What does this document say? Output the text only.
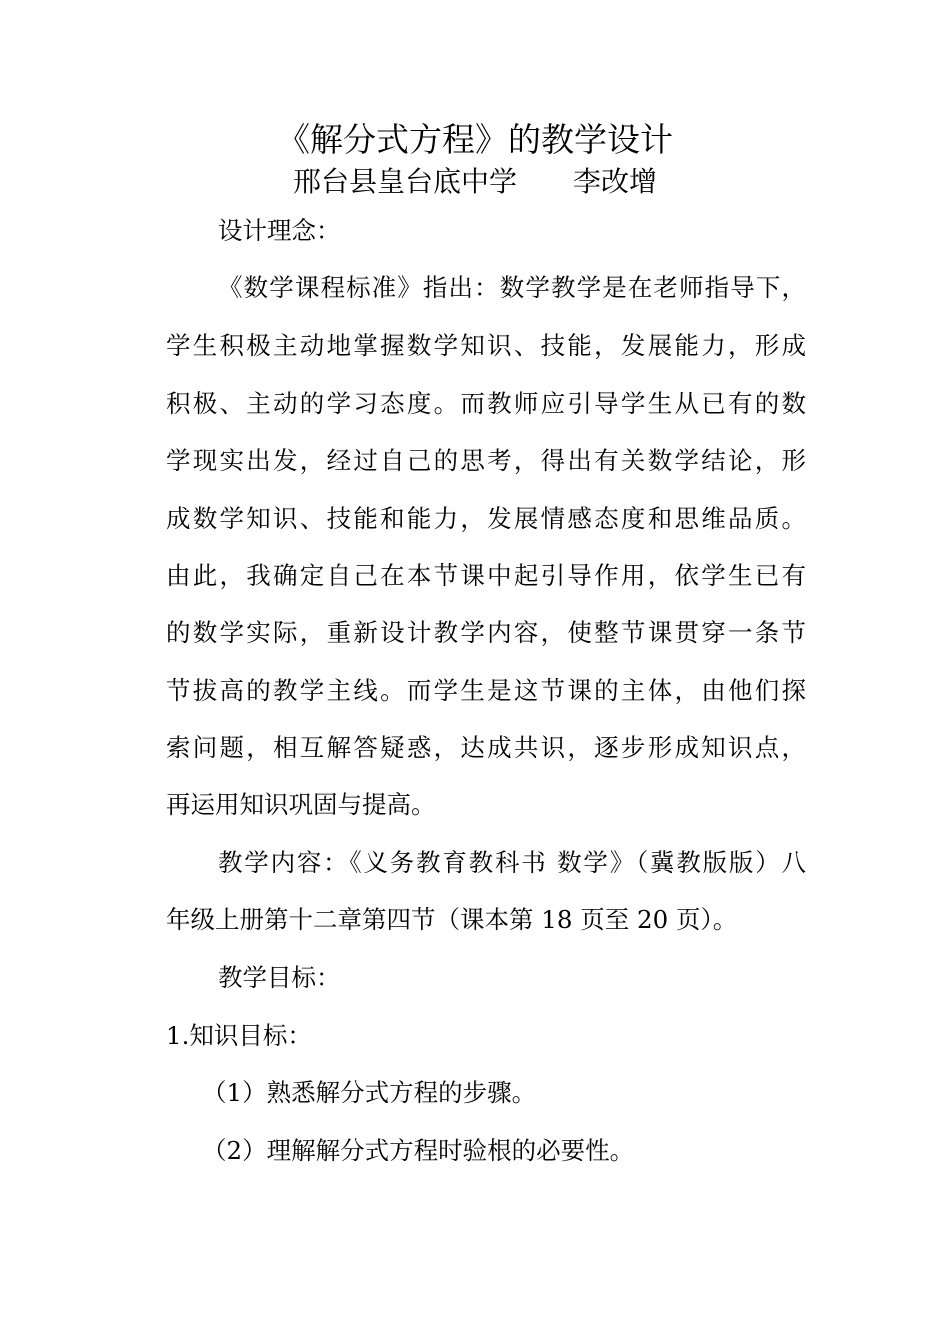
《解分式方程》的教学设计
邢台县皇台底中学　　李改增
设计理念：
《数学课程标准》指出：数学教学是在老师指导下，
学生积极主动地掌握数学知识、技能，发展能力，形成
积极、主动的学习态度。而教师应引导学生从已有的数
学现实出发，经过自己的思考，得出有关数学结论，形
成数学知识、技能和能力，发展情感态度和思维品质。
由此，我确定自己在本节课中起引导作用，依学生已有
的数学实际，重新设计教学内容，使整节课贯穿一条节
节拔高的教学主线。而学生是这节课的主体，由他们探
索问题，相互解答疑惑，达成共识，逐步形成知识点，
再运用知识巩固与提高。
教学内容：《义务教育教科书 数学》（冀教版版）八
年级上册第十二章第四节（课本第 18 页至 20 页）。
教学目标：
1.知识目标：
（1）熟悉解分式方程的步骤。
（2）理解解分式方程时验根的必要性。
